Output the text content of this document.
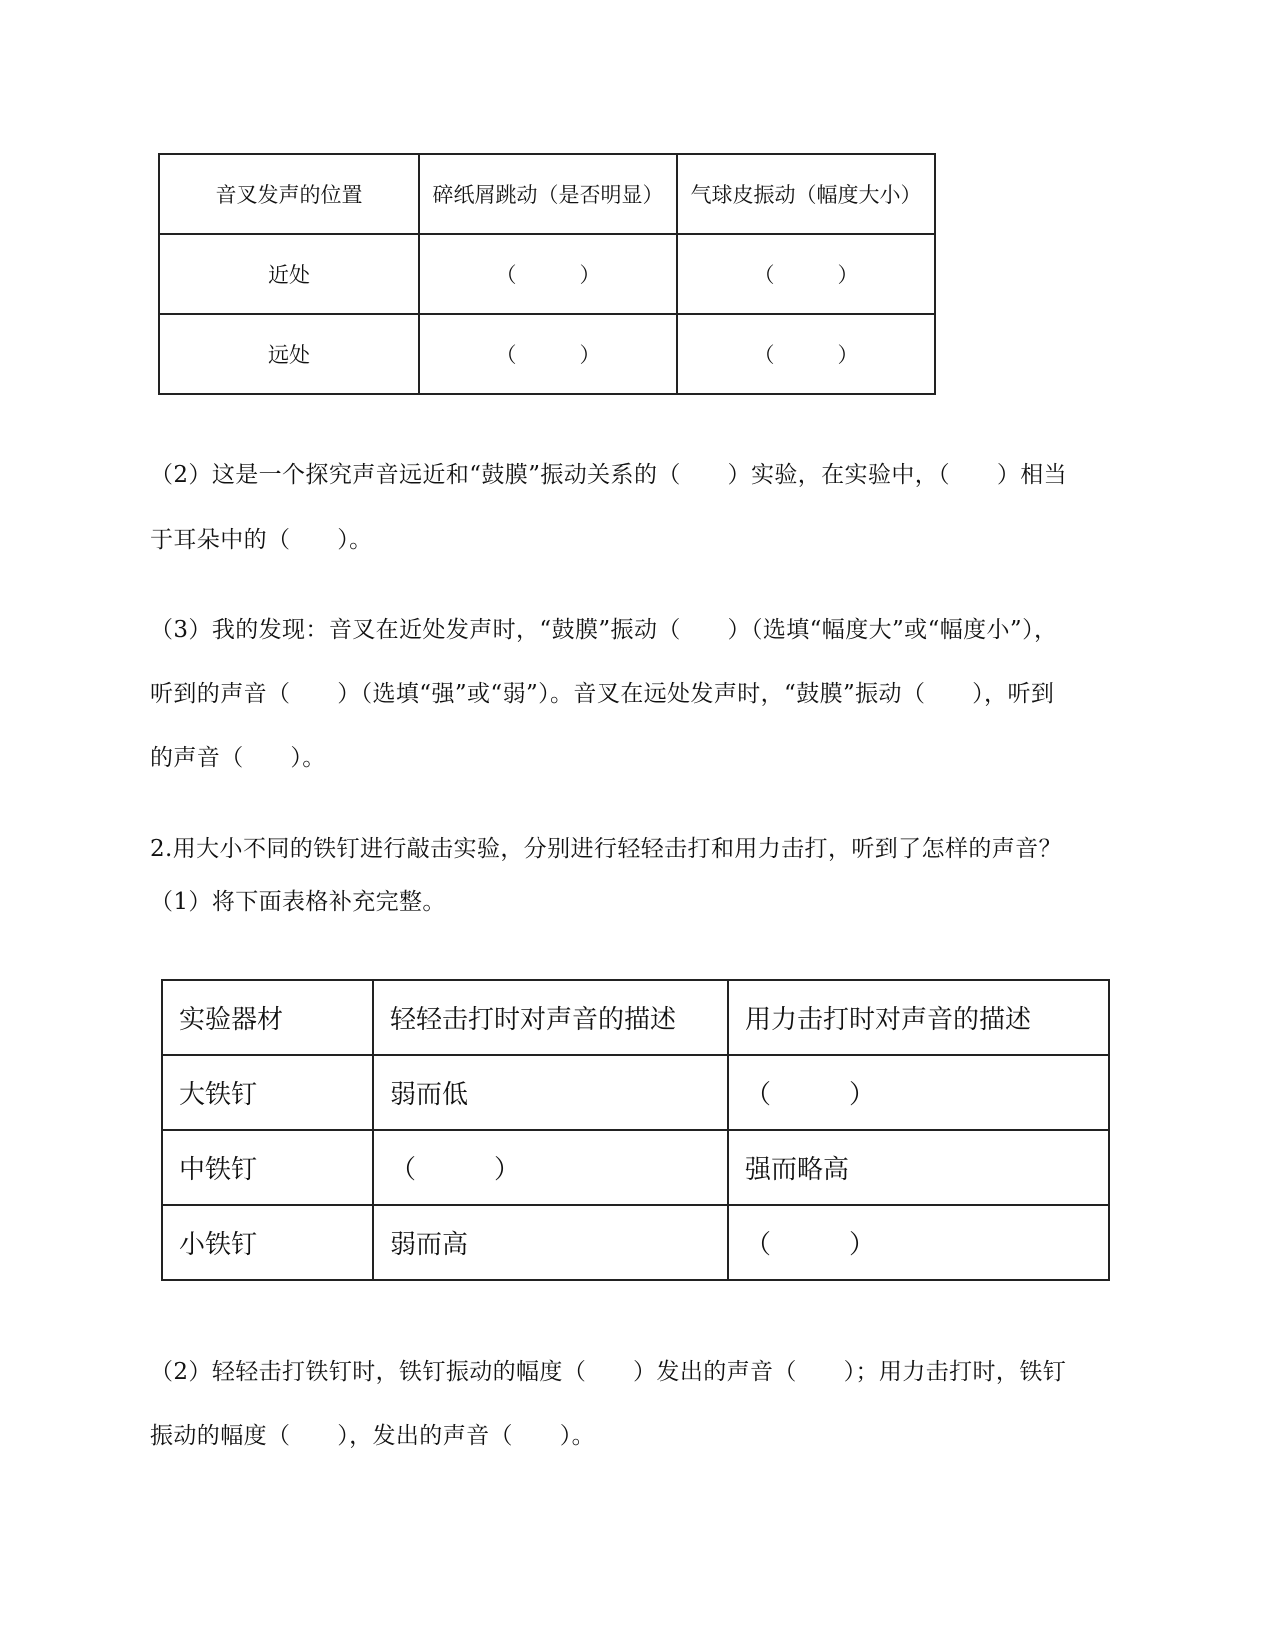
音叉发声的位置	碎纸屑跳动（是否明显）	气球皮振动（幅度大小）
近处	（　　　）	（　　　）
远处	（　　　）	（　　　）
（2）这是一个探究声音远近和“鼓膜”振动关系的（　　）实验，在实验中，（　　）相当
于耳朵中的（　　）。
（3）我的发现：音叉在近处发声时，“鼓膜”振动（　　）（选填“幅度大”或“幅度小”），
听到的声音（　　）（选填“强”或“弱”）。音叉在远处发声时，“鼓膜”振动（　　），听到
的声音（　　）。
2.用大小不同的铁钉进行敲击实验，分别进行轻轻击打和用力击打，听到了怎样的声音？
（1）将下面表格补充完整。
实验器材	轻轻击打时对声音的描述	用力击打时对声音的描述
大铁钉	弱而低	（　　　）
中铁钉	（　　　）	强而略高
小铁钉	弱而高	（　　　）
（2）轻轻击打铁钉时，铁钉振动的幅度（　　）发出的声音（　　）；用力击打时，铁钉
振动的幅度（　　），发出的声音（　　）。
